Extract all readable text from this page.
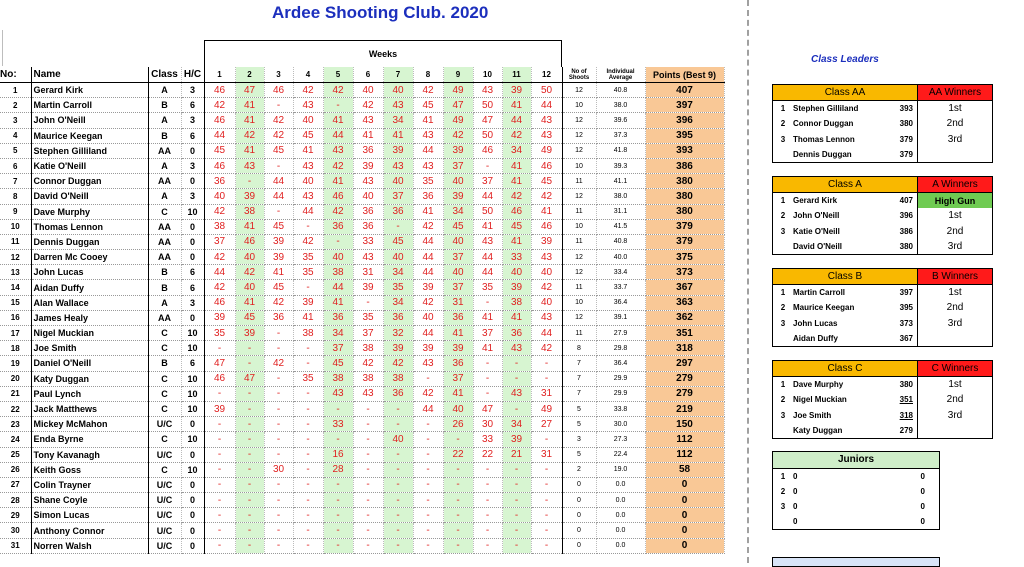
Ardee Shooting Club. 2020
Weeks
No:	Name	Class	H/C	1	2	3	4	5	6	7	8	9	10	11	12	No of Shoots	Individual Average	Points (Best 9)
1	Gerard Kirk	A	3	46	47	46	42	42	40	40	42	49	43	39	50	12	40.8	407
2	Martin Carroll	B	6	42	41	-	43	-	42	43	45	47	50	41	44	10	38.0	397
3	John O'Neill	A	3	46	41	42	40	41	43	34	41	49	47	44	43	12	39.6	396
4	Maurice Keegan	B	6	44	42	42	45	44	41	41	43	42	50	42	43	12	37.3	395
5	Stephen Gilliland	AA	0	45	41	45	41	43	36	39	44	39	46	34	49	12	41.8	393
6	Katie O'Neill	A	3	46	43	-	43	42	39	43	43	37	-	41	46	10	39.3	386
7	Connor Duggan	AA	0	36	-	44	40	41	43	40	35	40	37	41	45	11	41.1	380
8	David O'Neill	A	3	40	39	44	43	46	40	37	36	39	44	42	42	12	38.0	380
9	Dave Murphy	C	10	42	38	-	44	42	36	36	41	34	50	46	41	11	31.1	380
10	Thomas Lennon	AA	0	38	41	45	-	36	36	-	42	45	41	45	46	10	41.5	379
11	Dennis Duggan	AA	0	37	46	39	42	-	33	45	44	40	43	41	39	11	40.8	379
12	Darren Mc Cooey	AA	0	42	40	39	35	40	43	40	44	37	44	33	43	12	40.0	375
13	John Lucas	B	6	44	42	41	35	38	31	34	44	40	44	40	40	12	33.4	373
14	Aidan Duffy	B	6	42	40	45	-	44	39	35	39	37	35	39	42	11	33.7	367
15	Alan Wallace	A	3	46	41	42	39	41	-	34	42	31	-	38	40	10	36.4	363
16	James Healy	AA	0	39	45	36	41	36	35	36	40	36	41	41	43	12	39.1	362
17	Nigel Muckian	C	10	35	39	-	38	34	37	32	44	41	37	36	44	11	27.9	351
18	Joe Smith	C	10	-	-	-	-	37	38	39	39	39	41	43	42	8	29.8	318
19	Daniel O'Neill	B	6	47	-	42	-	45	42	42	43	36	-	-	-	7	36.4	297
20	Katy Duggan	C	10	46	47	-	35	38	38	38	-	37	-	-	-	7	29.9	279
21	Paul Lynch	C	10	-	-	-	-	43	43	36	42	41	-	43	31	7	29.9	279
22	Jack Matthews	C	10	39	-	-	-	-	-	-	44	40	47	-	49	5	33.8	219
23	Mickey McMahon	U/C	0	-	-	-	-	33	-	-	-	26	30	34	27	5	30.0	150
24	Enda Byrne	C	10	-	-	-	-	-	-	40	-	-	33	39	-	3	27.3	112
25	Tony Kavanagh	U/C	0	-	-	-	-	16	-	-	-	22	22	21	31	5	22.4	112
26	Keith Goss	C	10	-	-	30	-	28	-	-	-	-	-	-	-	2	19.0	58
27	Colin Trayner	U/C	0	-	-	-	-	-	-	-	-	-	-	-	-	0	0.0	0
28	Shane Coyle	U/C	0	-	-	-	-	-	-	-	-	-	-	-	-	0	0.0	0
29	Simon Lucas	U/C	0	-	-	-	-	-	-	-	-	-	-	-	-	0	0.0	0
30	Anthony Connor	U/C	0	-	-	-	-	-	-	-	-	-	-	-	-	0	0.0	0
31	Norren Walsh	U/C	0	-	-	-	-	-	-	-	-	-	-	-	-	0	0.0	0
Class Leaders
Class AA			AA Winners
1	Stephen Gilliland	393	1st
2	Connor Duggan	380	2nd
3	Thomas Lennon	379	3rd
	Dennis Duggan	379	
Class A			A Winners
1	Gerard Kirk	407	High Gun
2	John O'Neill	396	1st
3	Katie O'Neill	386	2nd
	David O'Neill	380	3rd
Class B			B Winners
1	Martin Carroll	397	1st
2	Maurice Keegan	395	2nd
3	John Lucas	373	3rd
	Aidan Duffy	367	
Class C			C Winners
1	Dave Murphy	380	1st
2	Nigel Muckian	351	2nd
3	Joe Smith	318	3rd
	Katy Duggan	279	
Juniors
1	0	0
2	0	0
3	0	0
	0	0
